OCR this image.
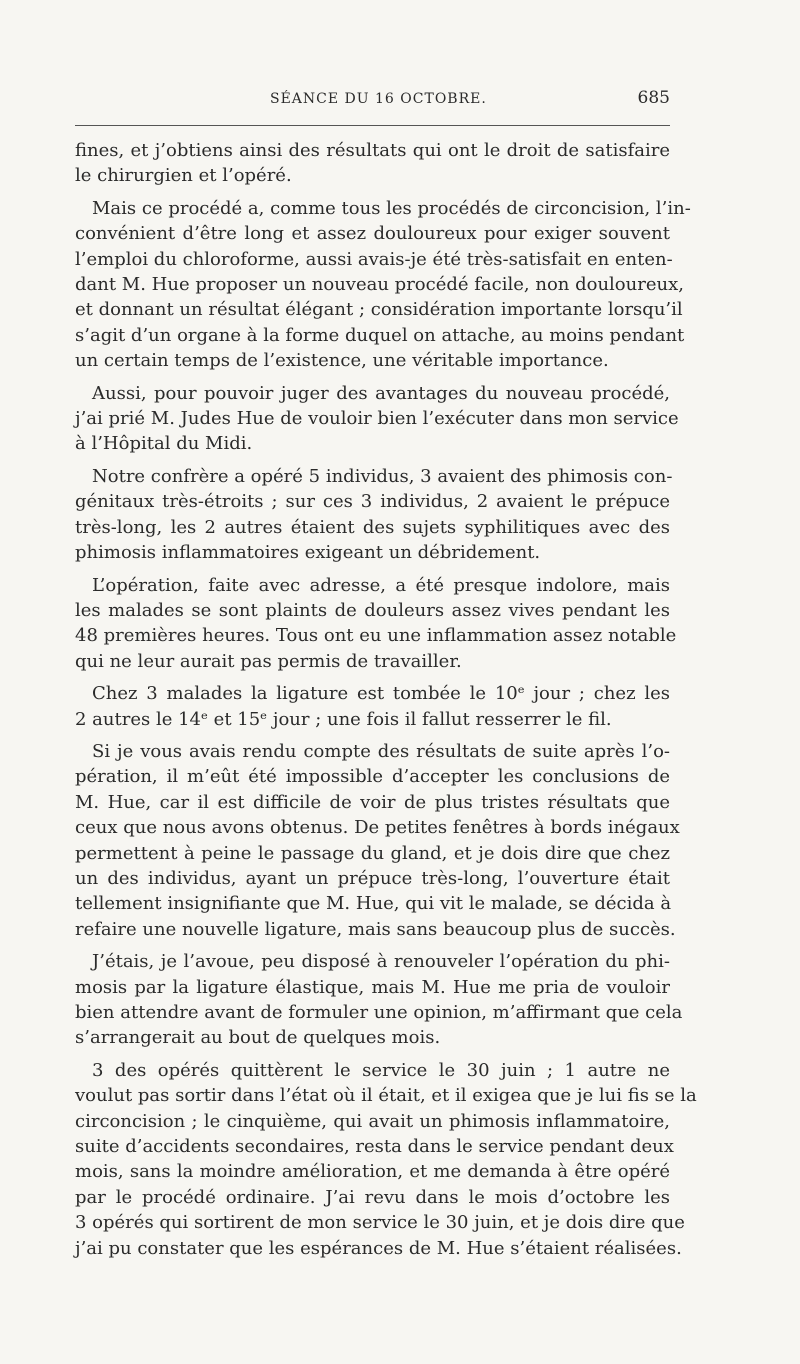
SÉANCE DU 16 OCTOBRE.	685

fines, et j’obtiens ainsi des résultats qui ont le droit de satisfaire
le chirurgien et l’opéré.

Mais ce procédé a, comme tous les procédés de circoncision, l’in-
convénient d’être long et assez douloureux pour exiger souvent
l’emploi du chloroforme, aussi avais-je été très-satisfait en enten-
dant M. Hue proposer un nouveau procédé facile, non douloureux,
et donnant un résultat élégant ; considération importante lorsqu’il
s’agit d’un organe à la forme duquel on attache, au moins pendant
un certain temps de l’existence, une véritable importance.

Aussi, pour pouvoir juger des avantages du nouveau procédé,
j’ai prié M. Judes Hue de vouloir bien l’exécuter dans mon service
à l’Hôpital du Midi.

Notre confrère a opéré 5 individus, 3 avaient des phimosis con-
génitaux très-étroits ; sur ces 3 individus, 2 avaient le prépuce
très-long, les 2 autres étaient des sujets syphilitiques avec des
phimosis inflammatoires exigeant un débridement.

L’opération, faite avec adresse, a été presque indolore, mais
les malades se sont plaints de douleurs assez vives pendant les
48 premières heures. Tous ont eu une inflammation assez notable
qui ne leur aurait pas permis de travailler.

Chez 3 malades la ligature est tombée le 10ᵉ jour ; chez les
2 autres le 14ᵉ et 15ᵉ jour ; une fois il fallut resserrer le fil.

Si je vous avais rendu compte des résultats de suite après l’o-
pération, il m’eût été impossible d’accepter les conclusions de
M. Hue, car il est difficile de voir de plus tristes résultats que
ceux que nous avons obtenus. De petites fenêtres à bords inégaux
permettent à peine le passage du gland, et je dois dire que chez
un des individus, ayant un prépuce très-long, l’ouverture était
tellement insignifiante que M. Hue, qui vit le malade, se décida à
refaire une nouvelle ligature, mais sans beaucoup plus de succès.

J’étais, je l’avoue, peu disposé à renouveler l’opération du phi-
mosis par la ligature élastique, mais M. Hue me pria de vouloir
bien attendre avant de formuler une opinion, m’affirmant que cela
s’arrangerait au bout de quelques mois.

3 des opérés quittèrent le service le 30 juin ; 1 autre ne
voulut pas sortir dans l’état où il était, et il exigea que je lui fis se la
circoncision ; le cinquième, qui avait un phimosis inflammatoire,
suite d’accidents secondaires, resta dans le service pendant deux
mois, sans la moindre amélioration, et me demanda à être opéré
par le procédé ordinaire. J’ai revu dans le mois d’octobre les
3 opérés qui sortirent de mon service le 30 juin, et je dois dire que
j’ai pu constater que les espérances de M. Hue s’étaient réalisées.
